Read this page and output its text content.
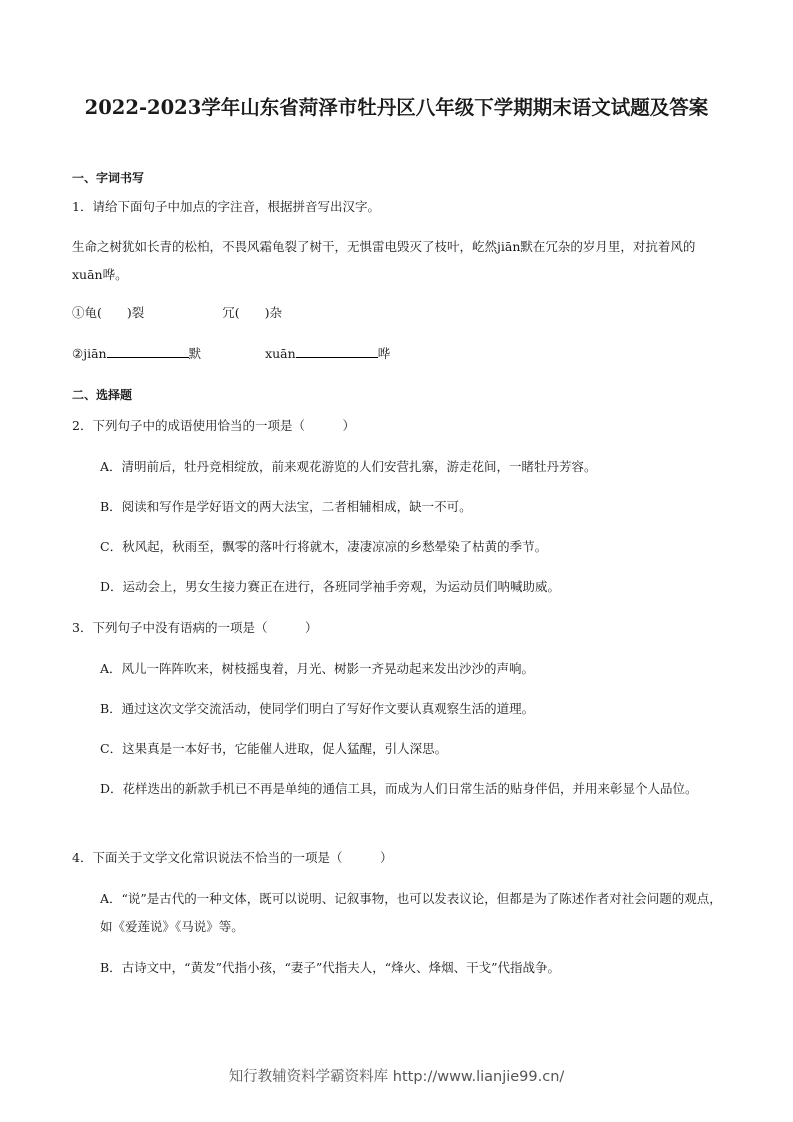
2022-2023学年山东省菏泽市牡丹区八年级下学期期末语文试题及答案
一、字词书写
1．请给下面句子中加点的字注音，根据拼音写出汉字。
生命之树犹如长青的松柏，不畏风霜龟裂了树干，无惧雷电毁灭了枝叶，屹然jiān默在冗杂的岁月里，对抗着风的xuān哗。
①龟(　　)裂	冗(　　)杂
②jiān	默	xuān	哗
二、选择题
2．下列句子中的成语使用恰当的一项是（　　　）
A．清明前后，牡丹竞相绽放，前来观花游览的人们安营扎寨，游走花间，一睹牡丹芳容。
B．阅读和写作是学好语文的两大法宝，二者相辅相成，缺一不可。
C．秋风起，秋雨至，飘零的落叶行将就木，凄凄凉凉的乡愁晕染了枯黄的季节。
D．运动会上，男女生接力赛正在进行，各班同学袖手旁观，为运动员们呐喊助威。
3．下列句子中没有语病的一项是（　　　）
A．风儿一阵阵吹来，树枝摇曳着，月光、树影一齐晃动起来发出沙沙的声响。
B．通过这次文学交流活动，使同学们明白了写好作文要认真观察生活的道理。
C．这果真是一本好书，它能催人进取，促人猛醒，引人深思。
D．花样迭出的新款手机已不再是单纯的通信工具，而成为人们日常生活的贴身伴侣，并用来彰显个人品位。
4．下面关于文学文化常识说法不恰当的一项是（　　　）
A．“说”是古代的一种文体，既可以说明、记叙事物，也可以发表议论，但都是为了陈述作者对社会问题的观点，如《爱莲说》《马说》等。
B．古诗文中，“黄发”代指小孩，“妻子”代指夫人，“烽火、烽烟、干戈”代指战争。
知行教辅资料学霸资料库 http://www.lianjie99.cn/
